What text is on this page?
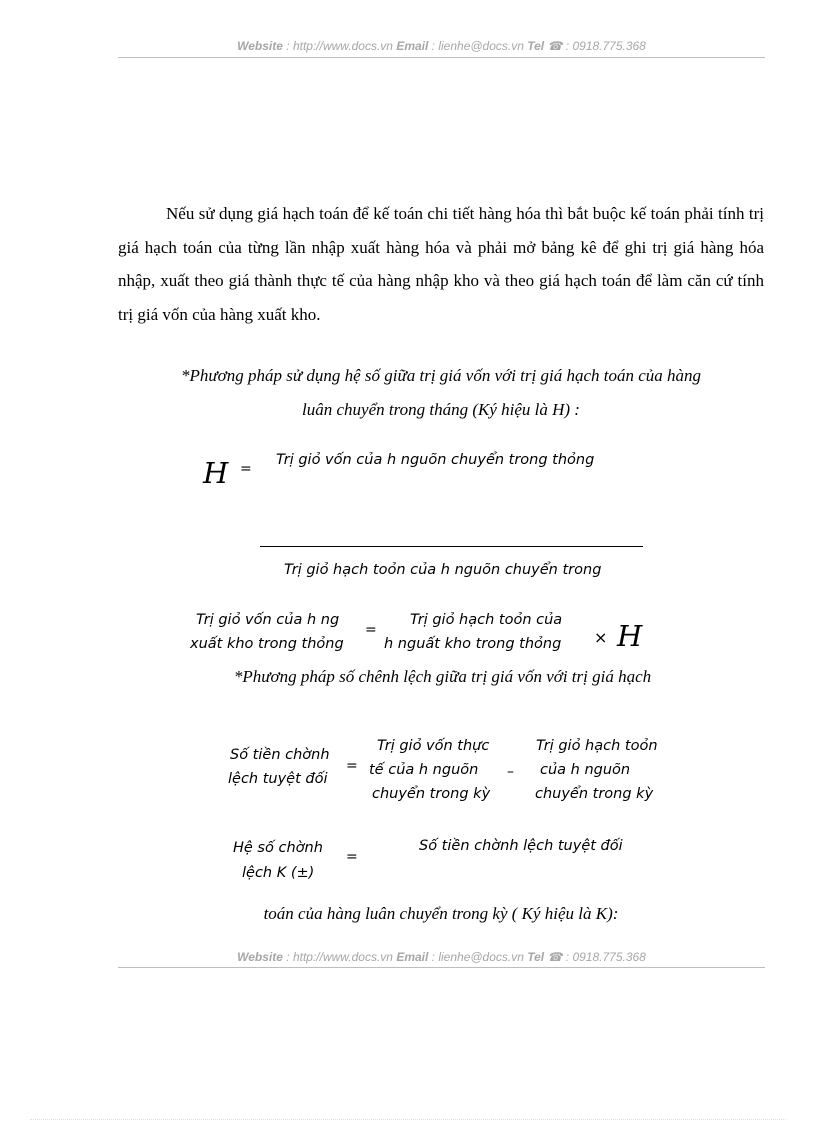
Website : http://www.docs.vn Email : lienhe@docs.vn Tel ☎ : 0918.775.368
Nếu sử dụng giá hạch toán để kế toán chi tiết hàng hóa thì bắt buộc kế toán phải tính trị giá hạch toán của từng lần nhập xuất hàng hóa và phải mở bảng kê để ghi trị giá hàng hóa nhập, xuất theo giá thành thực tế của hàng nhập kho và theo giá hạch toán để làm căn cứ tính trị giá vốn của hàng xuất kho.
*Phương pháp sử dụng hệ số giữa trị giá vốn với trị giá hạch toán của hàng
luân chuyển trong tháng (Ký hiệu là H) :
H =
Trị giỏ vốn của h nguõn chuyển trong thỏng
Trị giỏ hạch toỏn của h nguõn chuyển trong
Trị giỏ vốn của h ng
xuất kho trong thỏng
=
Trị giỏ hạch toỏn của
h nguất kho trong thỏng × H
*Phương pháp số chênh lệch giữa trị giá vốn với trị giá hạch
Số tiền chờnh
lệch tuyệt đối
=
Trị giỏ vốn thực
tế của h nguõn
chuyển trong kỳ
–
Trị giỏ hạch toỏn
của h nguõn
chuyển trong kỳ
Hệ số chờnh
lệch K (±)
=
Số tiền chờnh lệch tuyệt đối
toán của hàng luân chuyển trong kỳ ( Ký hiệu là K):
Website : http://www.docs.vn Email : lienhe@docs.vn Tel ☎ : 0918.775.368
